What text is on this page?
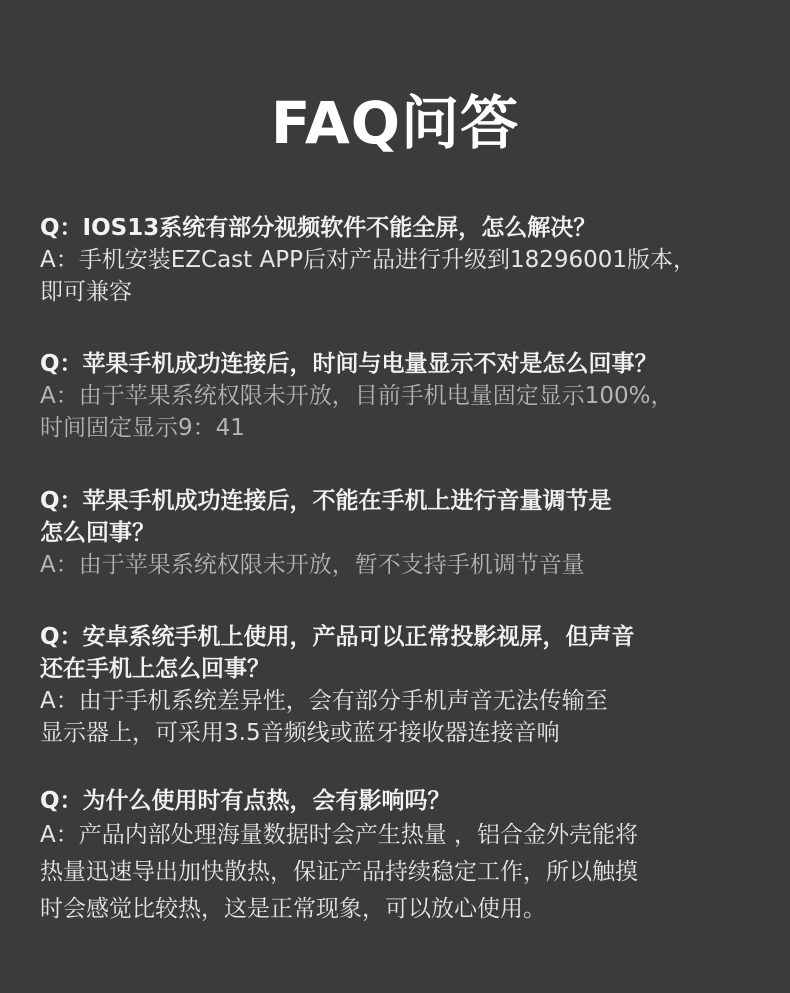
FAQ问答

Q：IOS13系统有部分视频软件不能全屏，怎么解决？

A：手机安装EZCast APP后对产品进行升级到18296001版本，
即可兼容

Q：苹果手机成功连接后，时间与电量显示不对是怎么回事？

A：由于苹果系统权限未开放，目前手机电量固定显示100%，
时间固定显示9：41

Q：苹果手机成功连接后，不能在手机上进行音量调节是
怎么回事？

A：由于苹果系统权限未开放，暂不支持手机调节音量

Q：安卓系统手机上使用，产品可以正常投影视屏，但声音
还在手机上怎么回事？

A：由于手机系统差异性，会有部分手机声音无法传输至
显示器上，可采用3.5音频线或蓝牙接收器连接音响

Q：为什么使用时有点热，会有影响吗？

A：产品内部处理海量数据时会产生热量 ，铝合金外壳能将
热量迅速导出加快散热，保证产品持续稳定工作，所以触摸
时会感觉比较热，这是正常现象，可以放心使用。
